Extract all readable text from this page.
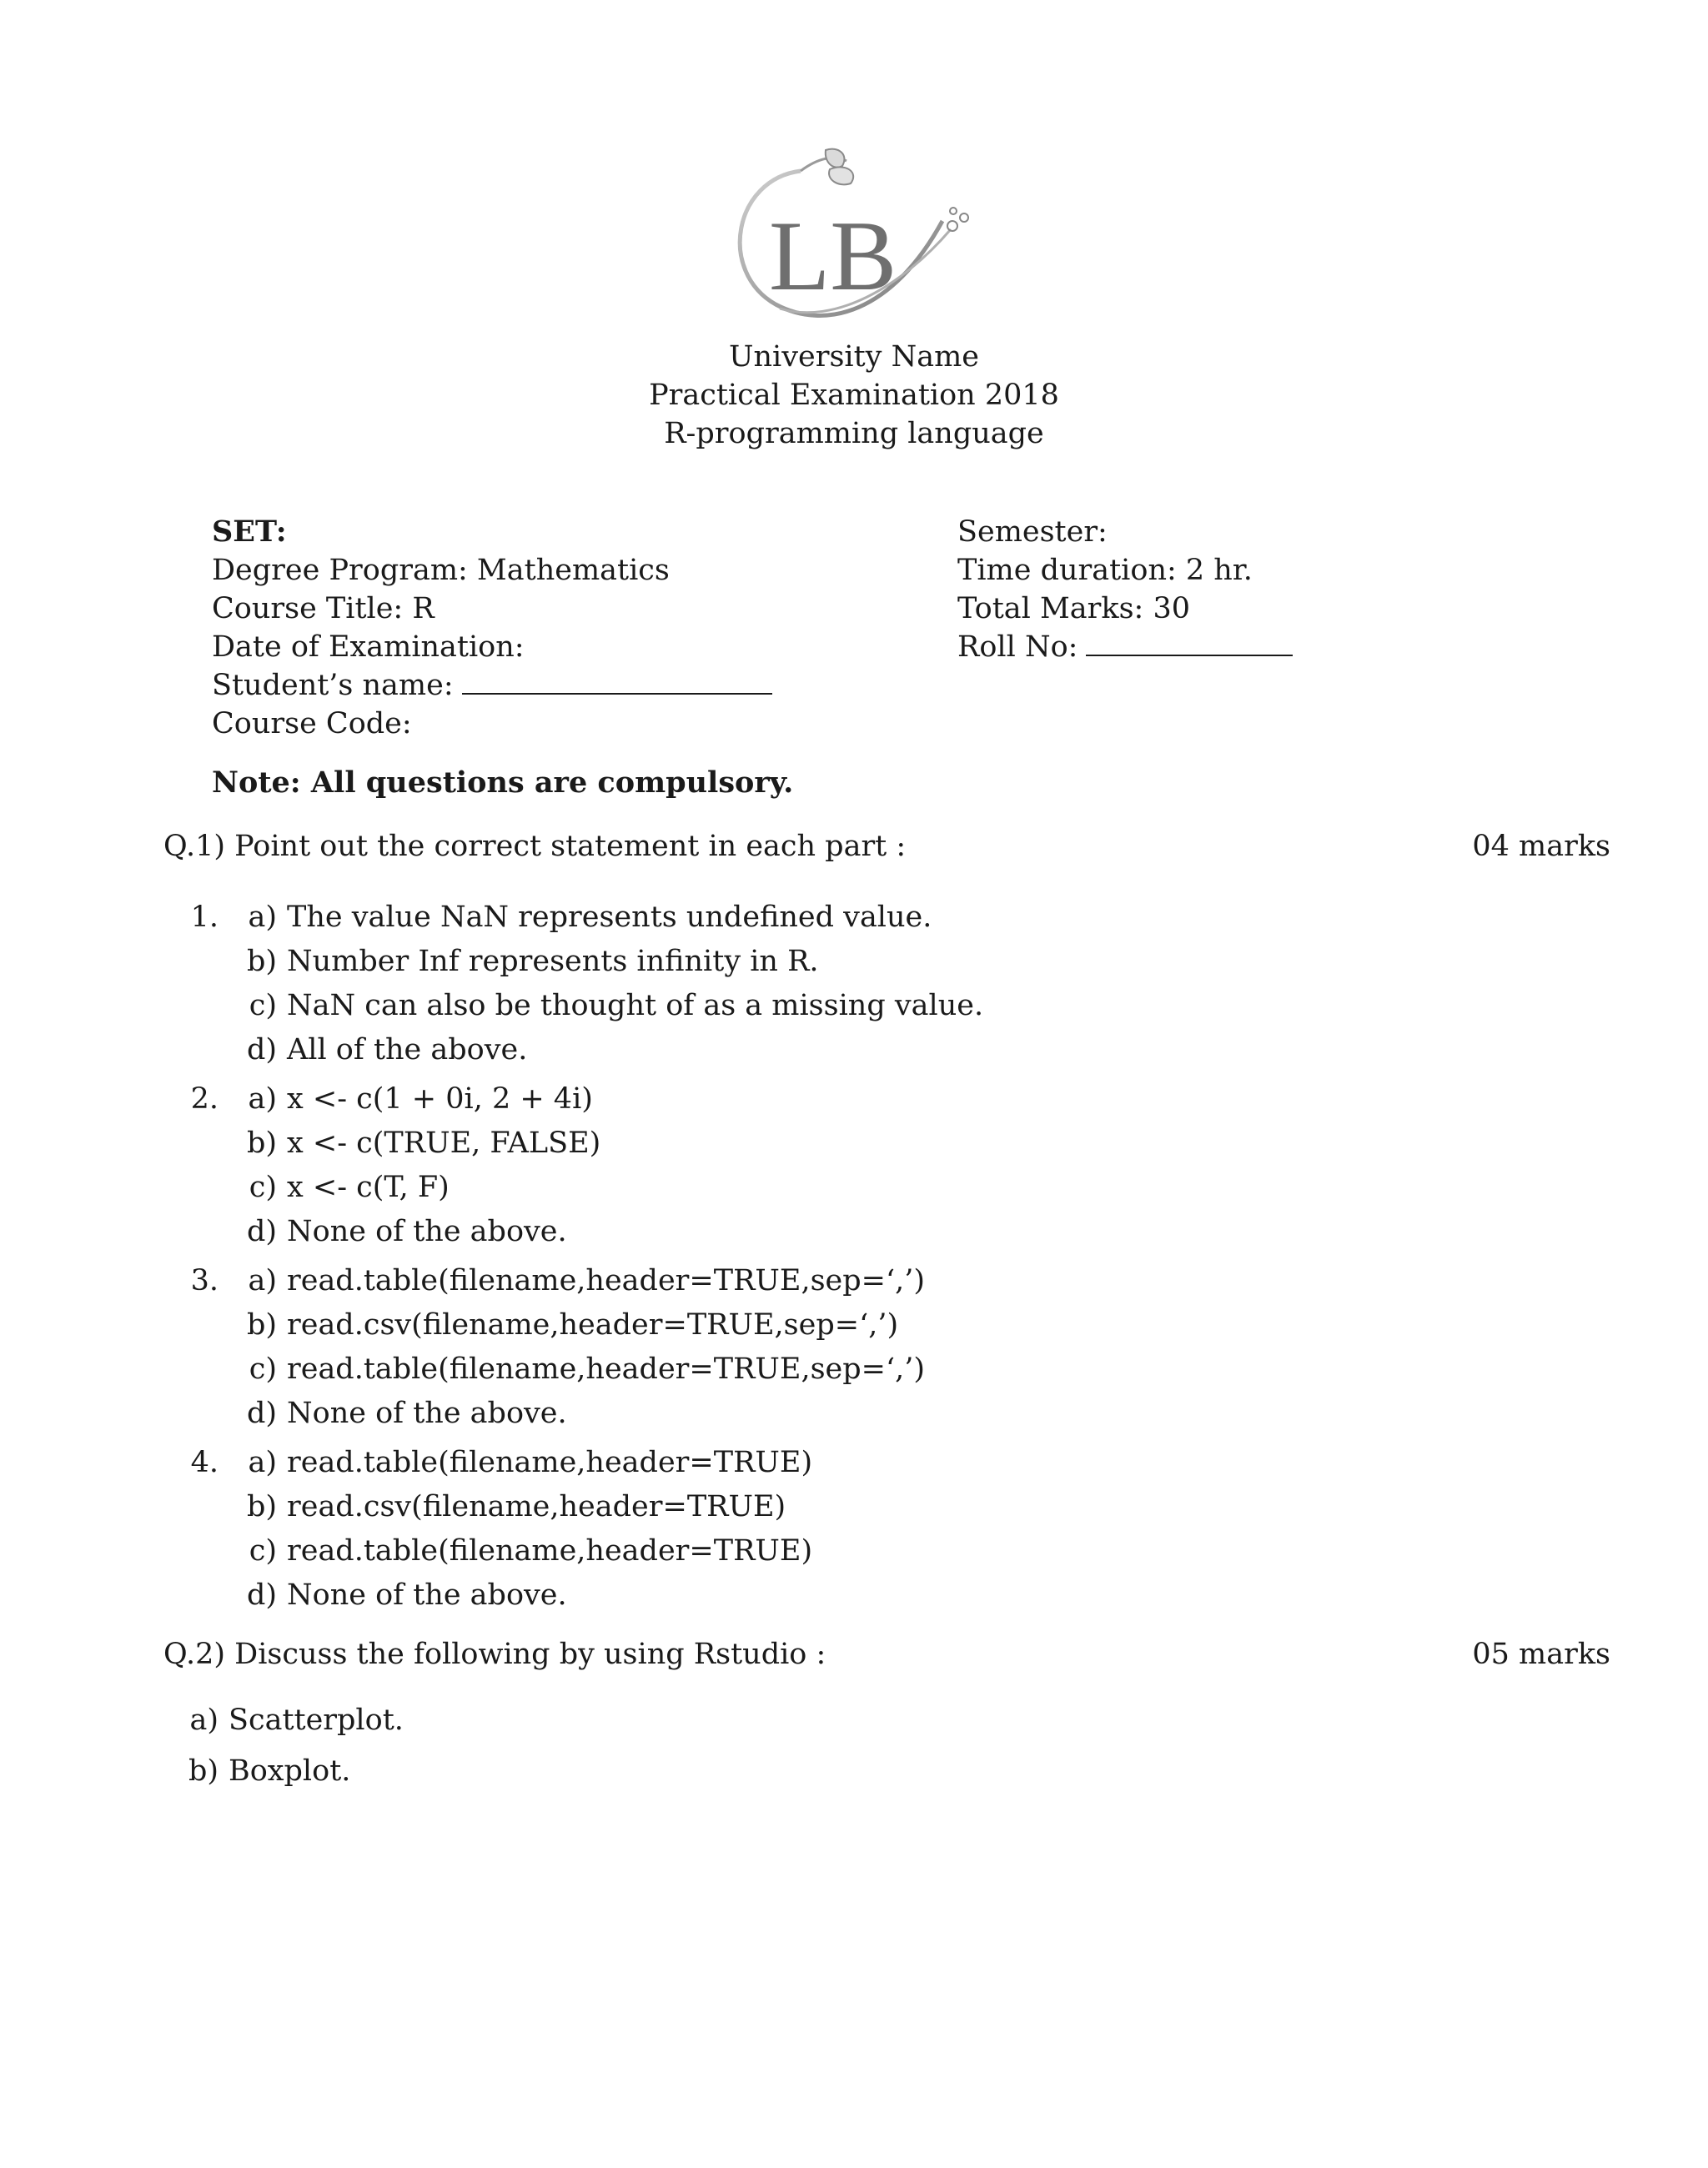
LB
University Name
Practical Examination 2018
R-programming language
SET:
Degree Program: Mathematics
Course Title: R
Date of Examination:
Student’s name:
Course Code:
Semester:
Time duration: 2 hr.
Total Marks: 30
Roll No:
Note: All questions are compulsory.
Q.1) Point out the correct statement in each part :	04 marks
1.	a) The value NaN represents undefined value.
b) Number Inf represents infinity in R.
c) NaN can also be thought of as a missing value.
d) All of the above.
2.	a) x <- c(1 + 0i, 2 + 4i)
b) x <- c(TRUE, FALSE)
c) x <- c(T, F)
d) None of the above.
3.	a) read.table(filename,header=TRUE,sep=‘,’)
b) read.csv(filename,header=TRUE,sep=‘,’)
c) read.table(filename,header=TRUE,sep=‘,’)
d) None of the above.
4.	a) read.table(filename,header=TRUE)
b) read.csv(filename,header=TRUE)
c) read.table(filename,header=TRUE)
d) None of the above.
Q.2) Discuss the following by using Rstudio :	05 marks
a) Scatterplot.
b) Boxplot.
